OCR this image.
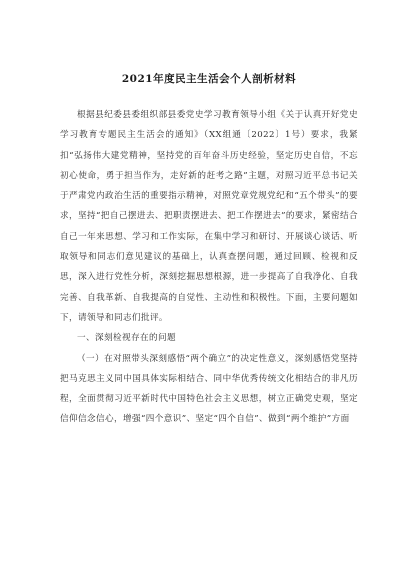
2021年度民主生活会个人剖析材料

根据县纪委县委组织部县委党史学习教育领导小组《关于认真开好党史学习教育专题民主生活会的通知》（XX组通〔2022〕1号）要求，我紧扣“弘扬伟大建党精神，坚持党的百年奋斗历史经验，坚定历史自信，不忘初心使命，勇于担当作为，走好新的赶考之路”主题，对照习近平总书记关于严肃党内政治生活的重要指示精神，对照党章党规党纪和“五个带头”的要求，坚持“把自己摆进去、把职责摆进去、把工作摆进去”的要求，紧密结合自己一年来思想、学习和工作实际，在集中学习和研讨、开展谈心谈话、听取领导和同志们意见建议的基础上，认真查摆问题，通过回顾、检视和反思，深入进行党性分析，深刻挖掘思想根源，进一步提高了自我净化、自我完善、自我革新、自我提高的自觉性、主动性和积极性。下面，主要问题如下，请领导和同志们批评。

一、深刻检视存在的问题

（一）在对照带头深刻感悟“两个确立”的决定性意义，深刻感悟党坚持把马克思主义同中国具体实际相结合、同中华优秀传统文化相结合的非凡历程，全面贯彻习近平新时代中国特色社会主义思想，树立正确党史观，坚定信仰信念信心，增强“四个意识”、坚定“四个自信”、做到“两个维护”方面
